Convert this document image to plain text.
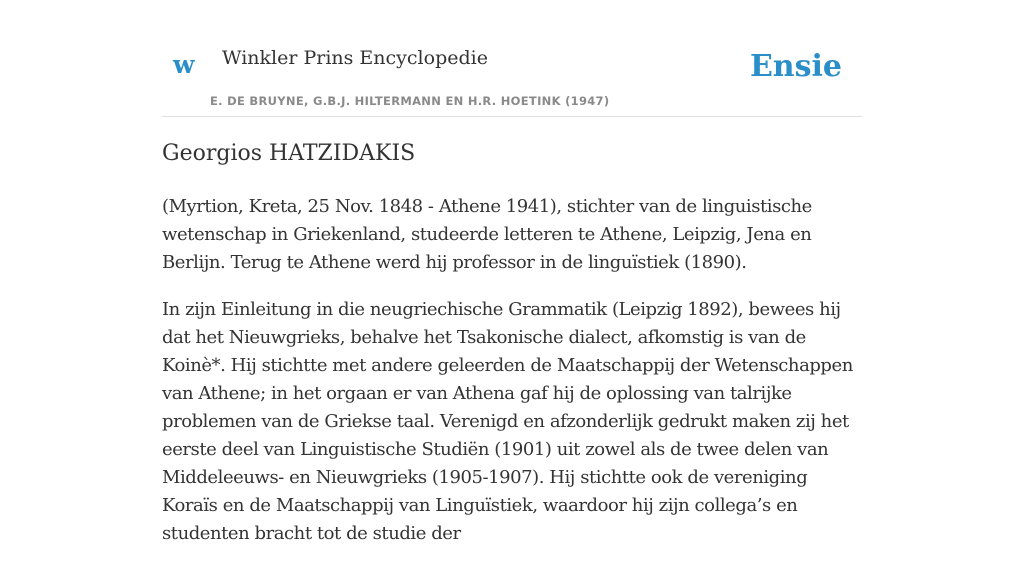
w Winkler Prins Encyclopedie
E. DE BRUYNE, G.B.J. HILTERMANN EN H.R. HOETINK (1947)
Ensie
Georgios HATZIDAKIS

(Myrtion, Kreta, 25 Nov. 1848 - Athene 1941), stichter van de linguistische wetenschap in Griekenland, studeerde letteren te Athene, Leipzig, Jena en Berlijn. Terug te Athene werd hij professor in de linguïstiek (1890).

In zijn Einleitung in die neugriechische Grammatik (Leipzig 1892), bewees hij dat het Nieuwgrieks, behalve het Tsakonische dialect, afkomstig is van de Koinè*. Hij stichtte met andere geleerden de Maatschappij der Wetenschappen van Athene; in het orgaan er van Athena gaf hij de oplossing van talrijke problemen van de Griekse taal. Verenigd en afzonderlijk gedrukt maken zij het eerste deel van Linguistische Studiën (1901) uit zowel als de twee delen van Middeleeuws- en Nieuwgrieks (1905-1907). Hij stichtte ook de vereniging Koraïs en de Maatschappij van Linguïstiek, waardoor hij zijn collega’s en studenten bracht tot de studie der
